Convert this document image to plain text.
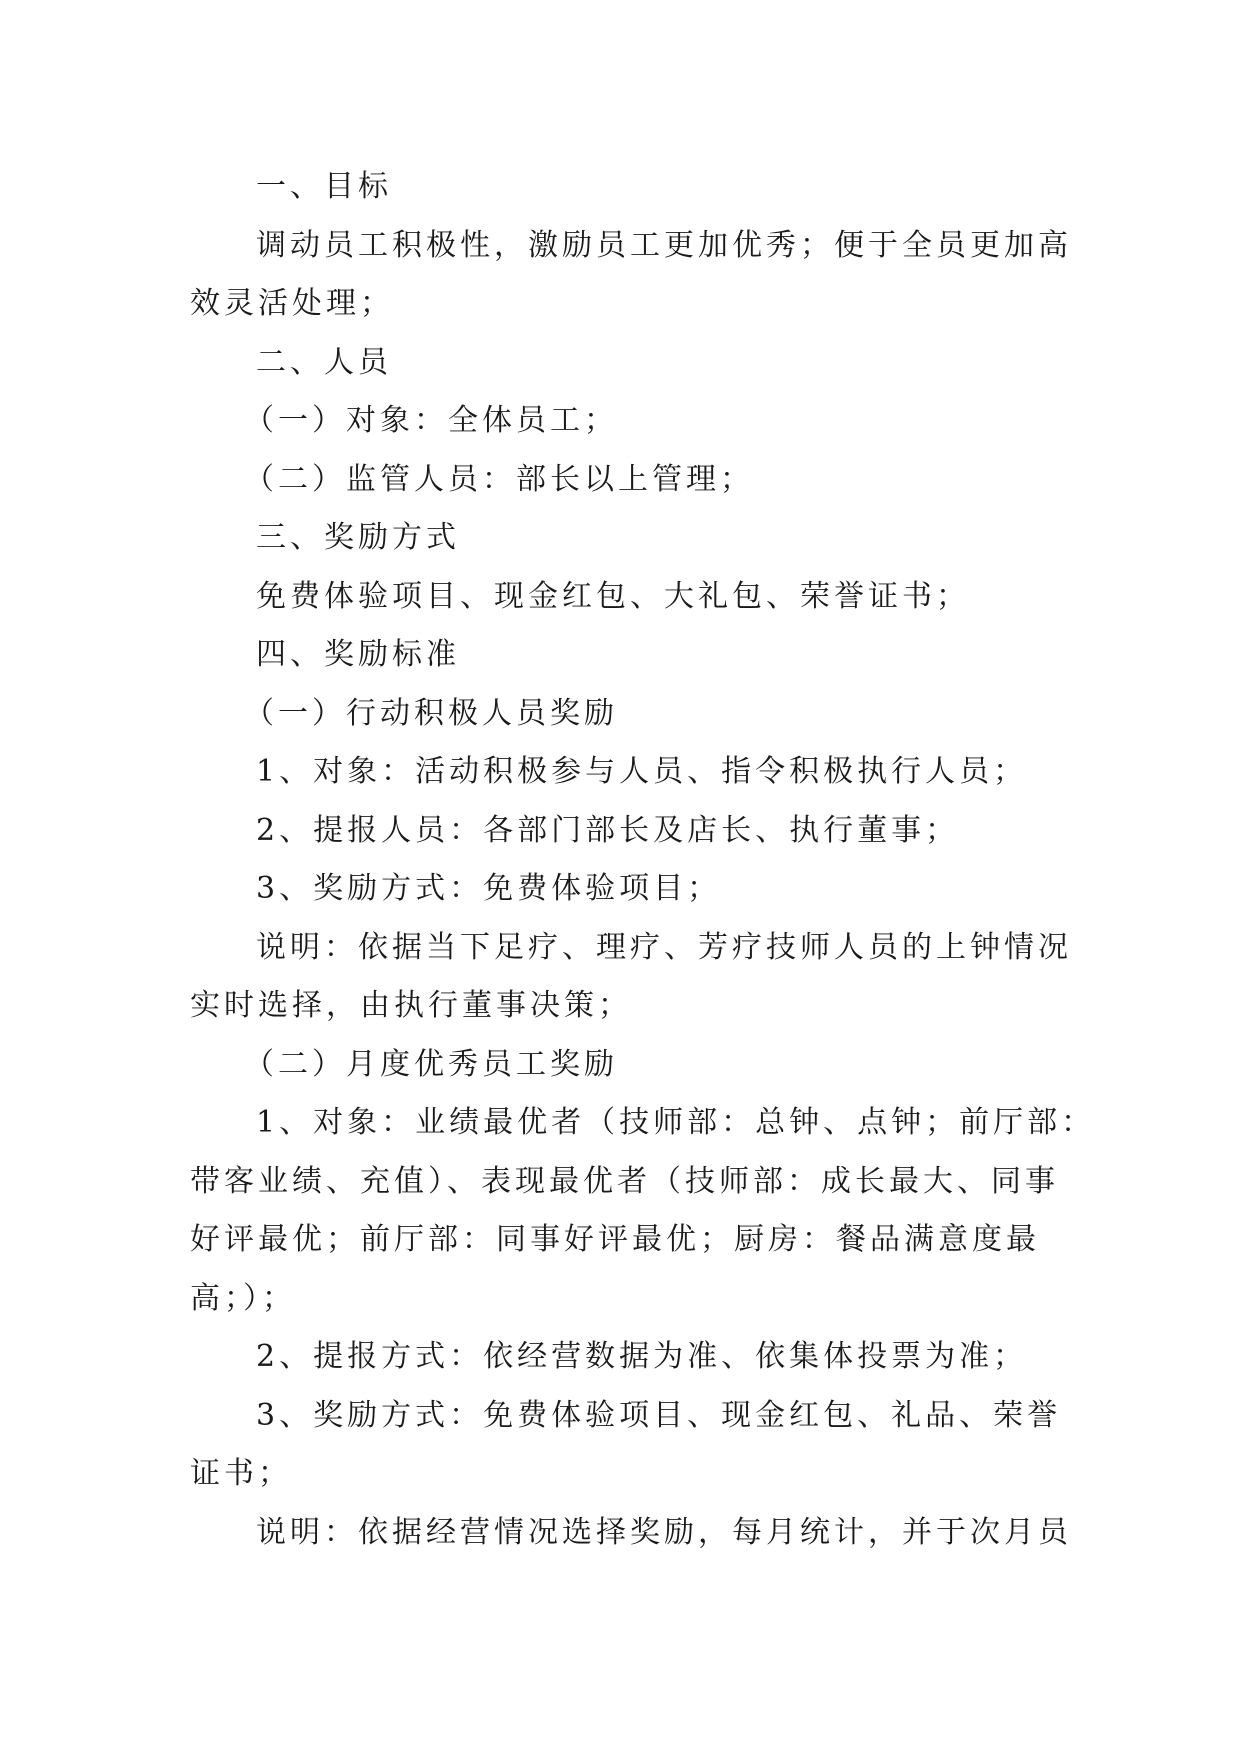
一、目标
调动员工积极性，激励员工更加优秀；便于全员更加高
效灵活处理；
二、人员
（一）对象：全体员工；
（二）监管人员：部长以上管理；
三、奖励方式
免费体验项目、现金红包、大礼包、荣誉证书；
四、奖励标准
（一）行动积极人员奖励
1、对象：活动积极参与人员、指令积极执行人员；
2、提报人员：各部门部长及店长、执行董事；
3、奖励方式：免费体验项目；
说明：依据当下足疗、理疗、芳疗技师人员的上钟情况
实时选择，由执行董事决策；
（二）月度优秀员工奖励
1、对象：业绩最优者（技师部：总钟、点钟；前厅部：
带客业绩、充值）、表现最优者（技师部：成长最大、同事
好评最优；前厅部：同事好评最优；厨房：餐品满意度最
高；）；
2、提报方式：依经营数据为准、依集体投票为准；
3、奖励方式：免费体验项目、现金红包、礼品、荣誉
证书；
说明：依据经营情况选择奖励，每月统计，并于次月员
